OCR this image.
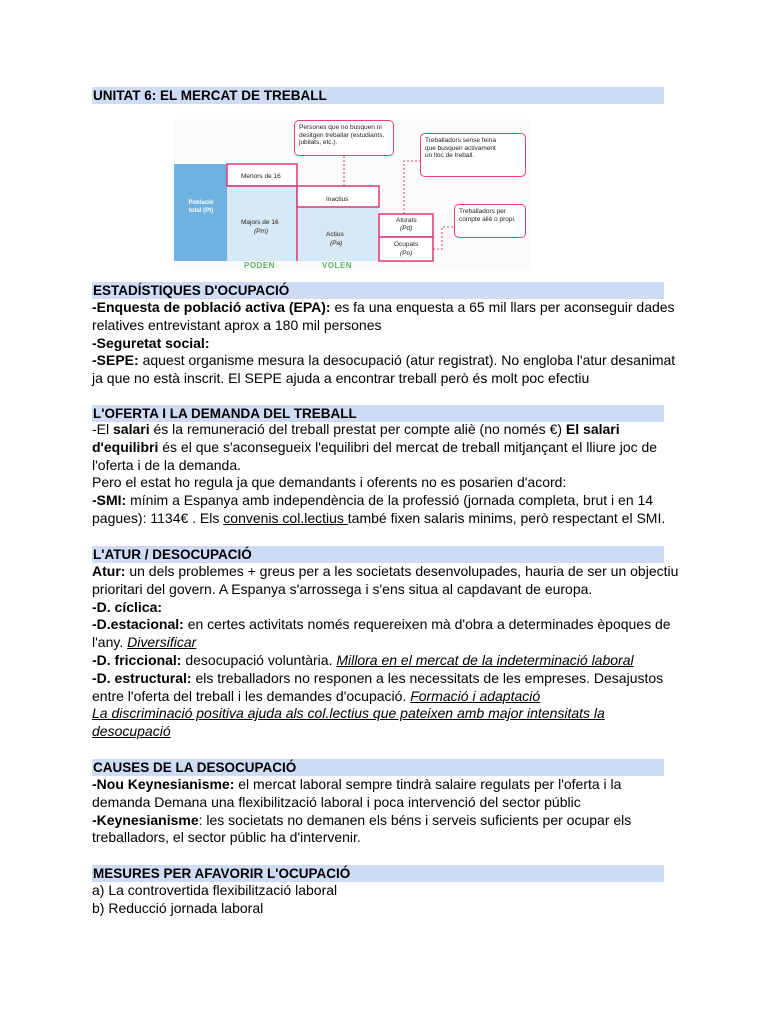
UNITAT 6: EL MERCAT DE TREBALL
Població total (Pt)
Menors de 16
Majors de 16
(Pm)
Inactius
Actius
(Pa)
Aturats
(Pd)
Ocupats
(Po)
PODEN	VOLEN
Persones que no busquen ni desitgen treballar (estudiants, jubilats, etc.).	Treballadors sense feina que busquen activament un lloc de treball.
Treballadors per compte aliè o propi.
ESTADÍSTIQUES D'OCUPACIÓ
-Enquesta de població activa (EPA): es fa una enquesta a 65 mil llars per aconseguir dades relatives entrevistant aprox a 180 mil persones
-Seguretat social:
-SEPE: aquest organisme mesura la desocupació (atur registrat). No engloba l'atur desanimat ja que no està inscrit. El SEPE ajuda a encontrar treball però és molt poc efectiu
L'OFERTA I LA DEMANDA DEL TREBALL
-El salari és la remuneració del treball prestat per compte aliè (no només €) El salari d'equilibri és el que s'aconsegueix l'equilibri del mercat de treball mitjançant el lliure joc de l'oferta i de la demanda.
Pero el estat ho regula ja que demandants i oferents no es posarien d'acord:
-SMI: mínim a Espanya amb independència de la professió (jornada completa, brut i en 14 pagues): 1134€ . Els convenis col.lectius també fixen salaris minims, però respectant el SMI.
L'ATUR / DESOCUPACIÓ
Atur: un dels problemes + greus per a les societats desenvolupades, hauria de ser un objectiu prioritari del govern. A Espanya s'arrossega i s'ens situa al capdavant de europa.
-D. cíclica:
-D.estacional: en certes activitats només requereixen mà d'obra a determinades èpoques de l'any. Diversificar
-D. friccional: desocupació voluntària. Millora en el mercat de la indeterminació laboral
-D. estructural: els treballadors no responen a les necessitats de les empreses. Desajustos entre l'oferta del treball i les demandes d'ocupació. Formació i adaptació
La discriminació positiva ajuda als col.lectius que pateixen amb major intensitats la desocupació
CAUSES DE LA DESOCUPACIÓ
-Nou Keynesianisme: el mercat laboral sempre tindrà salaire regulats per l'oferta i la demanda Demana una flexibilització laboral i poca intervenció del sector públic
-Keynesianisme: les societats no demanen els béns i serveis suficients per ocupar els treballadors, el sector públic ha d'intervenir.
MESURES PER AFAVORIR L'OCUPACIÓ
a) La controvertida flexibilització laboral
b) Reducció jornada laboral
